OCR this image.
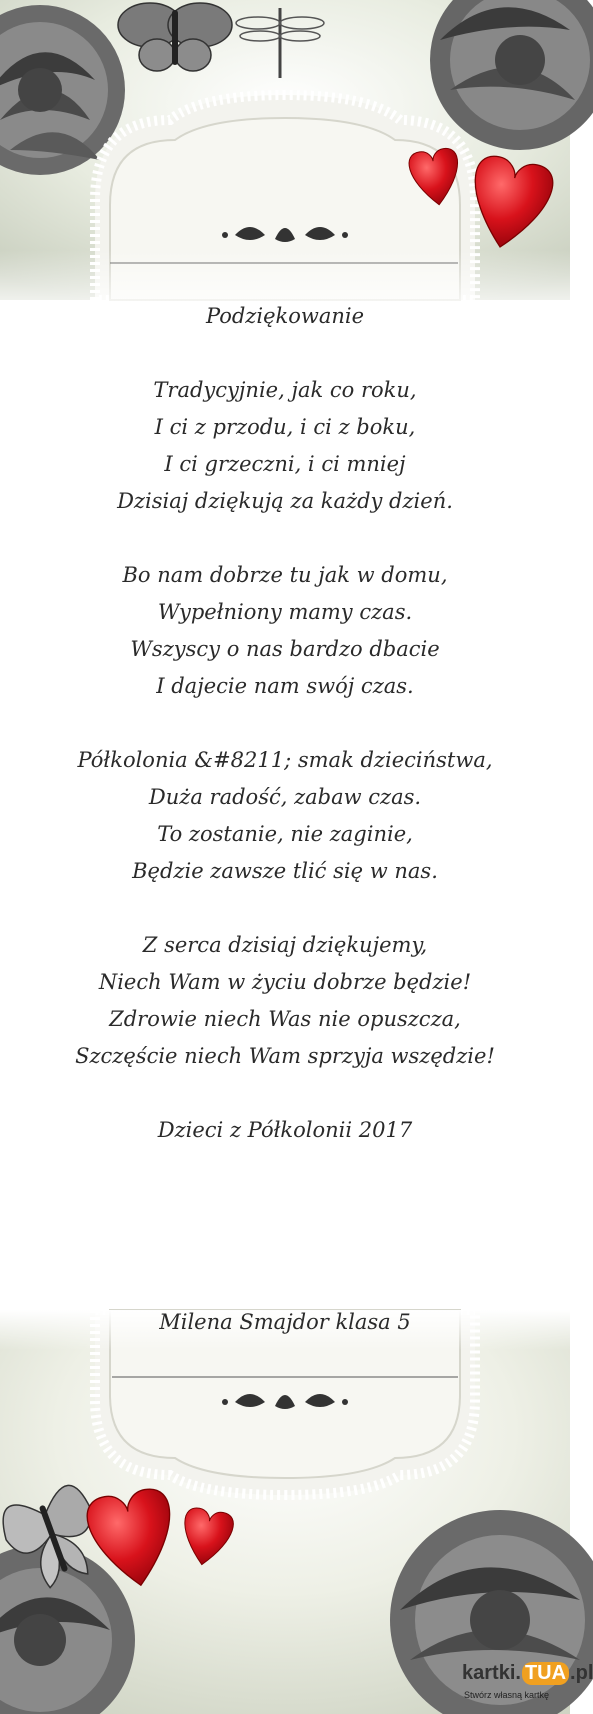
Podziękowanie
Tradycyjnie, jak co roku,
I ci z przodu, i ci z boku,
I ci grzeczni, i ci mniej
Dzisiaj dziękują za każdy dzień.
Bo nam dobrze tu jak w domu,
Wypełniony mamy czas.
Wszyscy o nas bardzo dbacie
I dajecie nam swój czas.
Półkolonia &#8211; smak dzieciństwa,
Duża radość, zabaw czas.
To zostanie, nie zaginie,
Będzie zawsze tlić się w nas.
Z serca dzisiaj dziękujemy,
Niech Wam w życiu dobrze będzie!
Zdrowie niech Was nie opuszcza,
Szczęście niech Wam sprzyja wszędzie!
Dzieci z Półkolonii 2017
Milena Smajdor klasa 5
kartki. TUA .pl
Stwórz własną kartkę
